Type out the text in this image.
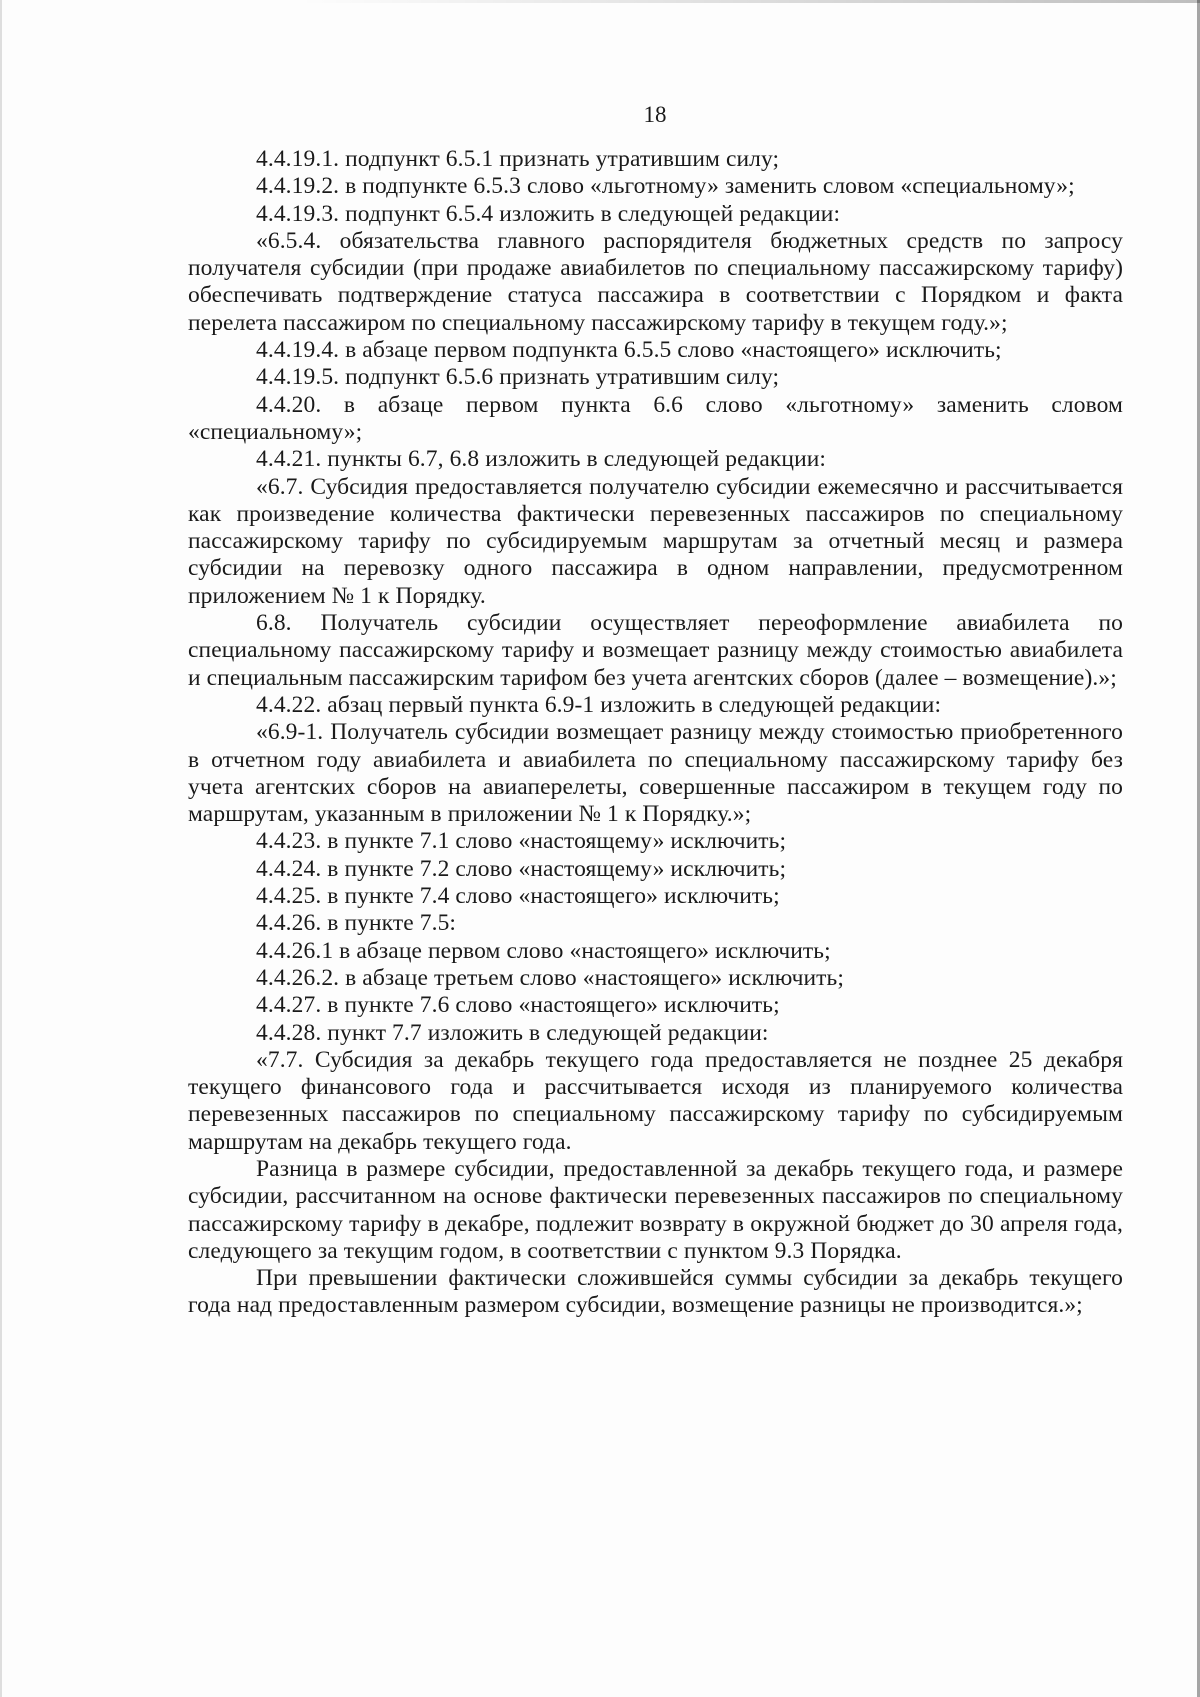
18

4.4.19.1. подпункт 6.5.1 признать утратившим силу;

4.4.19.2. в подпункте 6.5.3 слово «льготному» заменить словом «специальному»;

4.4.19.3. подпункт 6.5.4 изложить в следующей редакции:

«6.5.4. обязательства главного распорядителя бюджетных средств по запросу получателя субсидии (при продаже авиабилетов по специальному пассажирскому тарифу) обеспечивать подтверждение статуса пассажира в соответствии с Порядком и факта перелета пассажиром по специальному пассажирскому тарифу в текущем году.»;

4.4.19.4. в абзаце первом подпункта 6.5.5 слово «настоящего» исключить;

4.4.19.5. подпункт 6.5.6 признать утратившим силу;

4.4.20. в абзаце первом пункта 6.6 слово «льготному» заменить словом «специальному»;

4.4.21. пункты 6.7, 6.8 изложить в следующей редакции:

«6.7. Субсидия предоставляется получателю субсидии ежемесячно и рассчитывается как произведение количества фактически перевезенных пассажиров по специальному пассажирскому тарифу по субсидируемым маршрутам за отчетный месяц и размера субсидии на перевозку одного пассажира в одном направлении, предусмотренном приложением № 1 к Порядку.

6.8. Получатель субсидии осуществляет переоформление авиабилета по специальному пассажирскому тарифу и возмещает разницу между стоимостью авиабилета и специальным пассажирским тарифом без учета агентских сборов (далее – возмещение).»;

4.4.22. абзац первый пункта 6.9-1 изложить в следующей редакции:

«6.9-1. Получатель субсидии возмещает разницу между стоимостью приобретенного в отчетном году авиабилета и авиабилета по специальному пассажирскому тарифу без учета агентских сборов на авиаперелеты, совершенные пассажиром в текущем году по маршрутам, указанным в приложении № 1 к Порядку.»;

4.4.23. в пункте 7.1 слово «настоящему» исключить;

4.4.24. в пункте 7.2 слово «настоящему» исключить;

4.4.25. в пункте 7.4 слово «настоящего» исключить;

4.4.26. в пункте 7.5:

4.4.26.1 в абзаце первом слово «настоящего» исключить;

4.4.26.2. в абзаце третьем слово «настоящего» исключить;

4.4.27. в пункте 7.6 слово «настоящего» исключить;

4.4.28. пункт 7.7 изложить в следующей редакции:

«7.7. Субсидия за декабрь текущего года предоставляется не позднее 25 декабря текущего финансового года и рассчитывается исходя из планируемого количества перевезенных пассажиров по специальному пассажирскому тарифу по субсидируемым маршрутам на декабрь текущего года.

Разница в размере субсидии, предоставленной за декабрь текущего года, и размере субсидии, рассчитанном на основе фактически перевезенных пассажиров по специальному пассажирскому тарифу в декабре, подлежит возврату в окружной бюджет до 30 апреля года, следующего за текущим годом, в соответствии с пунктом 9.3 Порядка.

При превышении фактически сложившейся суммы субсидии за декабрь текущего года над предоставленным размером субсидии, возмещение разницы не производится.»;
